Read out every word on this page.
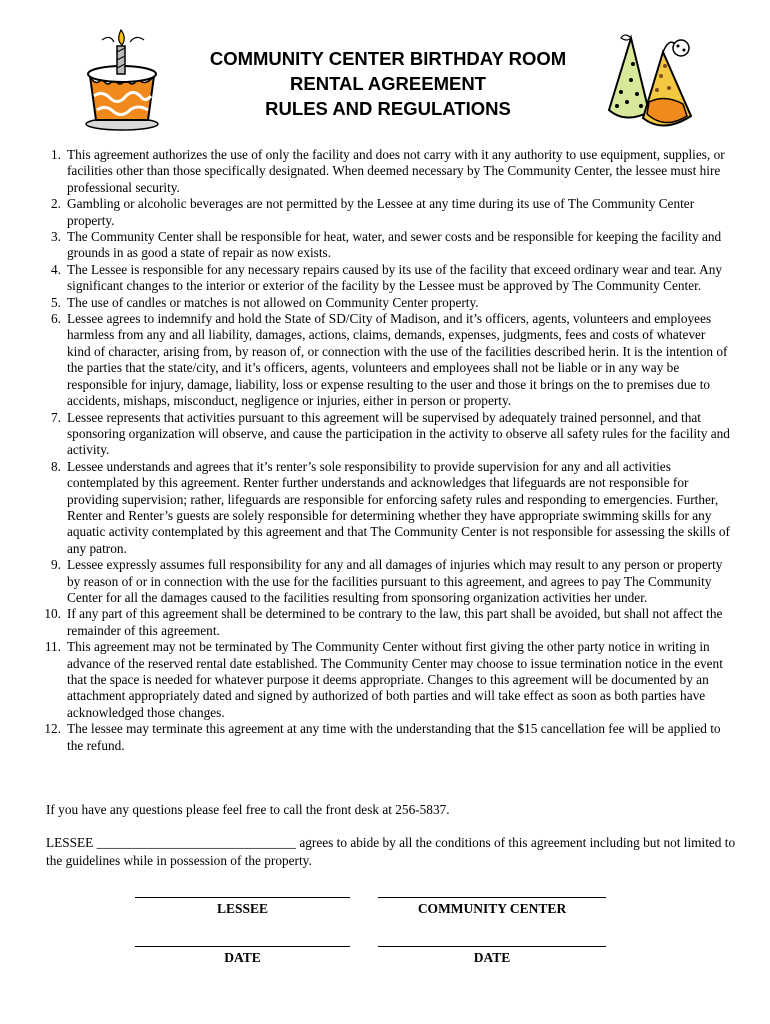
COMMUNITY CENTER BIRTHDAY ROOM
RENTAL AGREEMENT
RULES AND REGULATIONS
1. This agreement authorizes the use of only the facility and does not carry with it any authority to use equipment, supplies, or facilities other than those specifically designated. When deemed necessary by The Community Center, the lessee must hire professional security.
2. Gambling or alcoholic beverages are not permitted by the Lessee at any time during its use of The Community Center property.
3. The Community Center shall be responsible for heat, water, and sewer costs and be responsible for keeping the facility and grounds in as good a state of repair as now exists.
4. The Lessee is responsible for any necessary repairs caused by its use of the facility that exceed ordinary wear and tear. Any significant changes to the interior or exterior of the facility by the Lessee must be approved by The Community Center.
5. The use of candles or matches is not allowed on Community Center property.
6. Lessee agrees to indemnify and hold the State of SD/City of Madison, and it’s officers, agents, volunteers and employees harmless from any and all liability, damages, actions, claims, demands, expenses, judgments, fees and costs of whatever kind of character, arising from, by reason of, or connection with the use of the facilities described herin. It is the intention of the parties that the state/city, and it’s officers, agents, volunteers and employees shall not be liable or in any way be responsible for injury, damage, liability, loss or expense resulting to the user and those it brings on the to premises due to accidents, mishaps, misconduct, negligence or injuries, either in person or property.
7. Lessee represents that activities pursuant to this agreement will be supervised by adequately trained personnel, and that sponsoring organization will observe, and cause the participation in the activity to observe all safety rules for the facility and activity.
8. Lessee understands and agrees that it’s renter’s sole responsibility to provide supervision for any and all activities contemplated by this agreement. Renter further understands and acknowledges that lifeguards are not responsible for providing supervision; rather, lifeguards are responsible for enforcing safety rules and responding to emergencies. Further, Renter and Renter’s guests are solely responsible for determining whether they have appropriate swimming skills for any aquatic activity contemplated by this agreement and that The Community Center is not responsible for assessing the skills of any patron.
9. Lessee expressly assumes full responsibility for any and all damages of injuries which may result to any person or property by reason of or in connection with the use for the facilities pursuant to this agreement, and agrees to pay The Community Center for all the damages caused to the facilities resulting from sponsoring organization activities her under.
10. If any part of this agreement shall be determined to be contrary to the law, this part shall be avoided, but shall not affect the remainder of this agreement.
11. This agreement may not be terminated by The Community Center without first giving the other party notice in writing in advance of the reserved rental date established. The Community Center may choose to issue termination notice in the event that the space is needed for whatever purpose it deems appropriate. Changes to this agreement will be documented by an attachment appropriately dated and signed by authorized of both parties and will take effect as soon as both parties have acknowledged those changes.
12. The lessee may terminate this agreement at any time with the understanding that the $15 cancellation fee will be applied to the refund.
If you have any questions please feel free to call the front desk at 256-5837.
LESSEE ______________________________ agrees to abide by all the conditions of this agreement including but not limited to the guidelines while in possession of the property.
LESSEE	COMMUNITY CENTER
DATE	DATE
